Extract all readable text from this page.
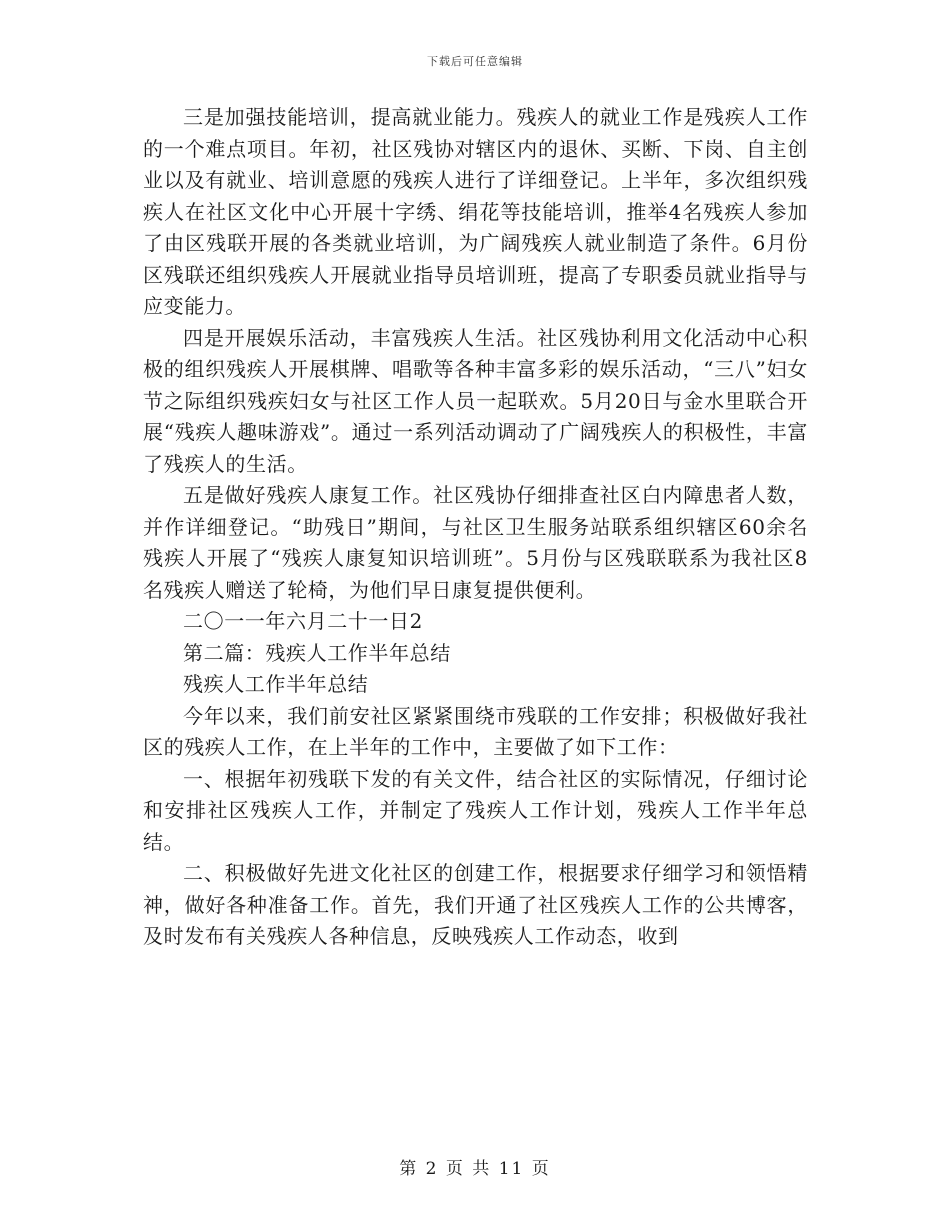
下载后可任意编辑

三是加强技能培训，提高就业能力。残疾人的就业工作是残疾人工作的一个难点项目。年初，社区残协对辖区内的退休、买断、下岗、自主创业以及有就业、培训意愿的残疾人进行了详细登记。上半年，多次组织残疾人在社区文化中心开展十字绣、绢花等技能培训，推举4名残疾人参加了由区残联开展的各类就业培训，为广阔残疾人就业制造了条件。6月份区残联还组织残疾人开展就业指导员培训班，提高了专职委员就业指导与应变能力。

四是开展娱乐活动，丰富残疾人生活。社区残协利用文化活动中心积极的组织残疾人开展棋牌、唱歌等各种丰富多彩的娱乐活动，“三八”妇女节之际组织残疾妇女与社区工作人员一起联欢。5月20日与金水里联合开展“残疾人趣味游戏”。通过一系列活动调动了广阔残疾人的积极性，丰富了残疾人的生活。

五是做好残疾人康复工作。社区残协仔细排查社区白内障患者人数，并作详细登记。“助残日”期间，与社区卫生服务站联系组织辖区60余名残疾人开展了“残疾人康复知识培训班”。5月份与区残联联系为我社区8名残疾人赠送了轮椅，为他们早日康复提供便利。

二〇一一年六月二十一日2

第二篇：残疾人工作半年总结

残疾人工作半年总结

今年以来，我们前安社区紧紧围绕市残联的工作安排；积极做好我社区的残疾人工作，在上半年的工作中，主要做了如下工作：

一、根据年初残联下发的有关文件，结合社区的实际情况，仔细讨论和安排社区残疾人工作，并制定了残疾人工作计划，残疾人工作半年总结。

二、积极做好先进文化社区的创建工作，根据要求仔细学习和领悟精神，做好各种准备工作。首先，我们开通了社区残疾人工作的公共博客，及时发布有关残疾人各种信息，反映残疾人工作动态，收到

第 2 页 共 11 页
